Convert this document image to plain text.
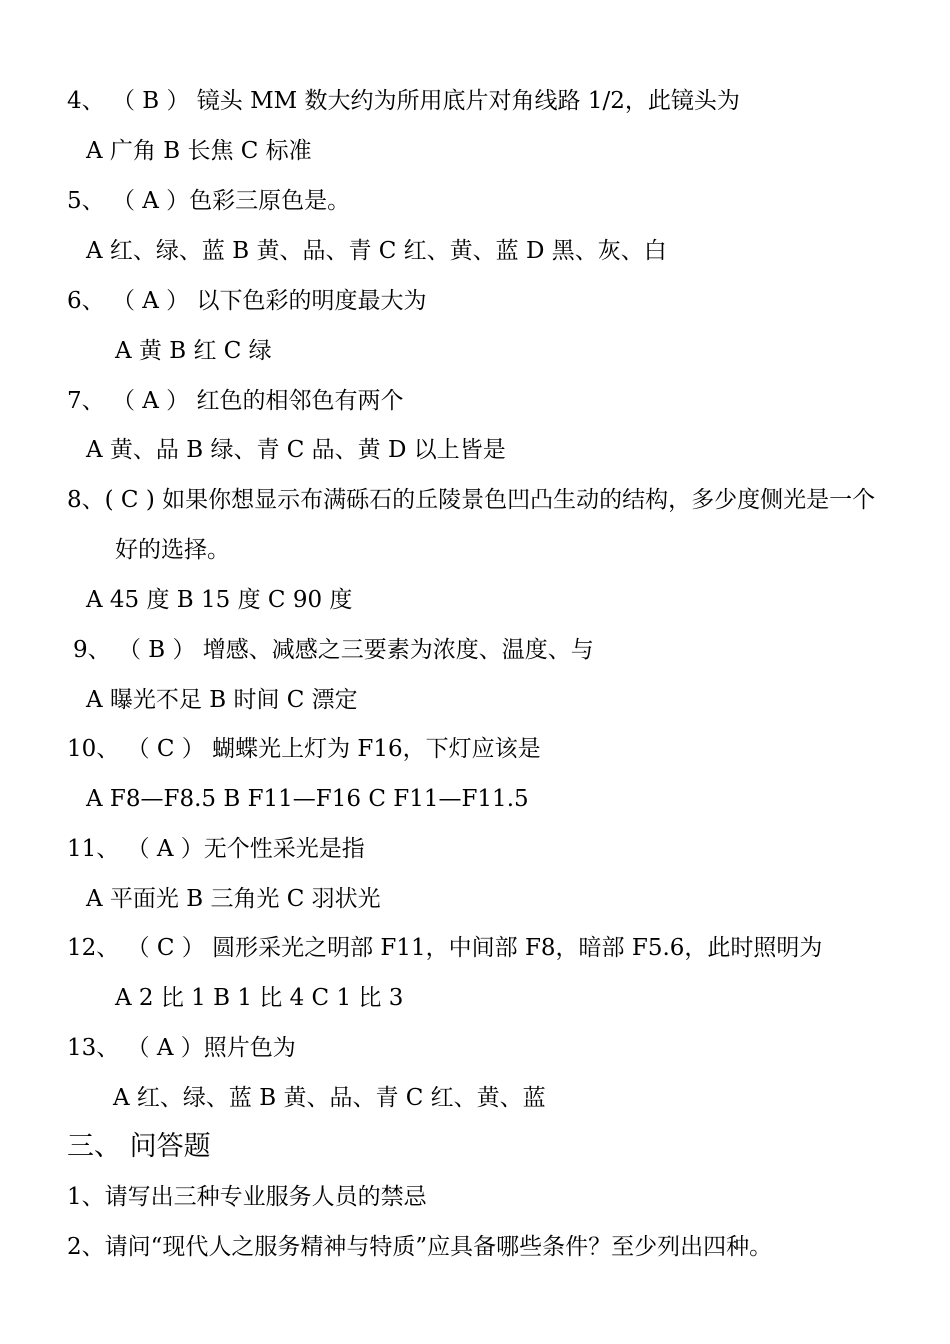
4、 （ B ） 镜头 MM 数大约为所用底片对角线路 1/2，此镜头为
A 广角 B 长焦 C 标准
5、 （ A ）色彩三原色是。
A 红、绿、蓝 B 黄、品、青 C 红、黄、蓝 D 黑、灰、白
6、 （ A ） 以下色彩的明度最大为
A 黄 B 红 C 绿
7、 （ A ） 红色的相邻色有两个
A 黄、品 B 绿、青 C 品、黄 D 以上皆是
8、( C ) 如果你想显示布满砾石的丘陵景色凹凸生动的结构，多少度侧光是一个
好的选择。
A 45 度 B 15 度 C 90 度
9、 （ B ） 增感、减感之三要素为浓度、温度、与
A 曝光不足 B 时间 C 漂定
10、 （ C ） 蝴蝶光上灯为 F16，下灯应该是
A F8—F8.5 B F11—F16 C F11—F11.5
11、 （ A ）无个性采光是指
A 平面光 B 三角光 C 羽状光
12、 （ C ） 圆形采光之明部 F11，中间部 F8，暗部 F5.6，此时照明为
A 2 比 1 B 1 比 4 C 1 比 3
13、 （ A ）照片色为
A 红、绿、蓝 B 黄、品、青 C 红、黄、蓝
三、 问答题
1、请写出三种专业服务人员的禁忌
2、请问“现代人之服务精神与特质”应具备哪些条件？至少列出四种。
